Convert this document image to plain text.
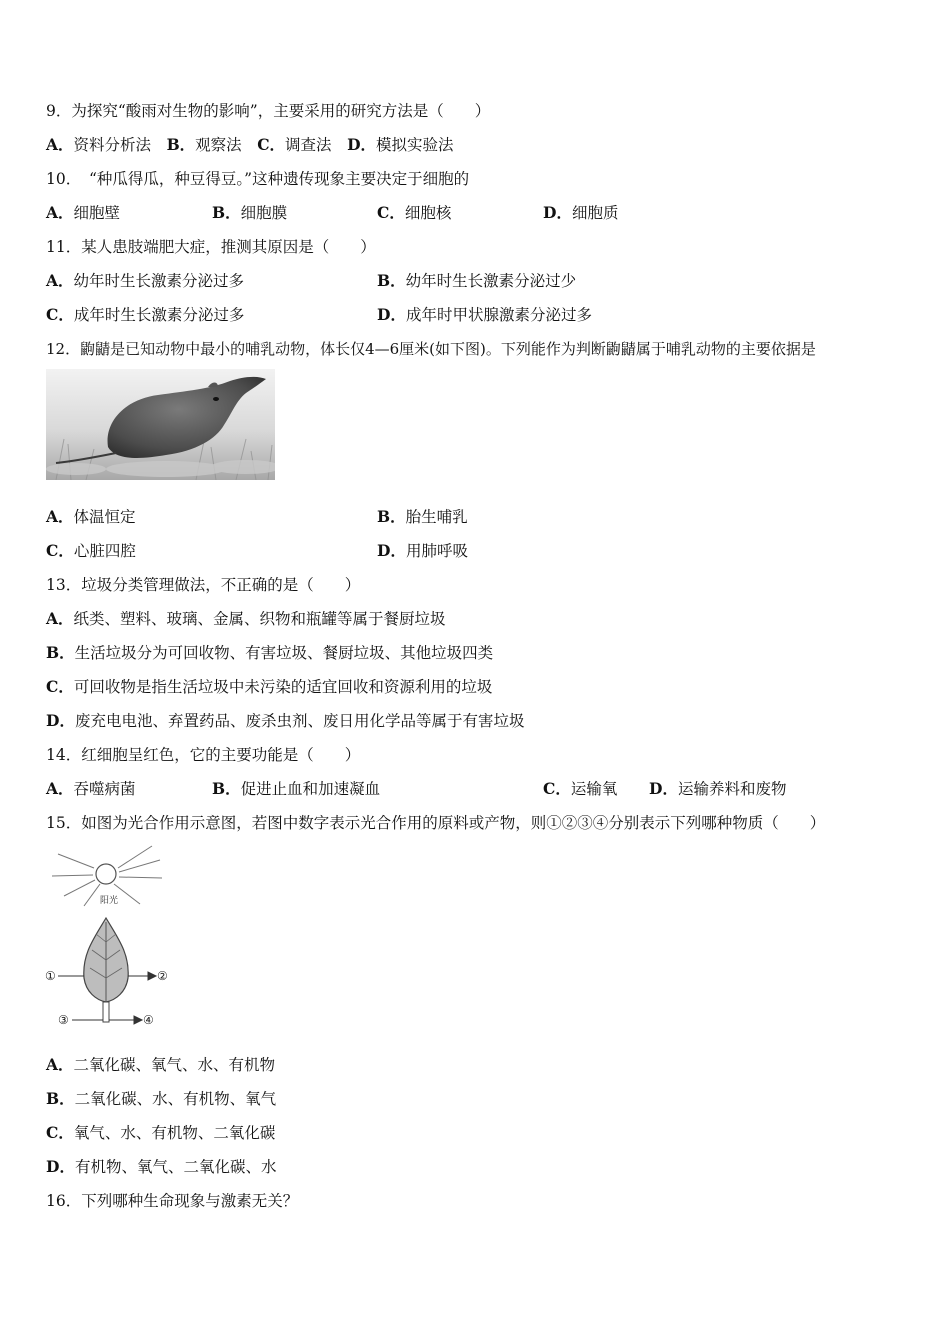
9．为探究“酸雨对生物的影响”，主要采用的研究方法是（　　）
A．资料分析法　 B．观察法　 C．调查法　 D．模拟实验法
10．　“种瓜得瓜，种豆得豆。”这种遗传现象主要决定于细胞的
A．细胞壁	B．细胞膜	C．细胞核	D．细胞质
11．某人患肢端肥大症，推测其原因是（　　）
A．幼年时生长激素分泌过多	B．幼年时生长激素分泌过少
C．成年时生长激素分泌过多	D．成年时甲状腺激素分泌过多
12．鼩鼱是已知动物中最小的哺乳动物，体长仅4—6厘米(如下图)。下列能作为判断鼩鼱属于哺乳动物的主要依据是
A．体温恒定	B．胎生哺乳
C．心脏四腔	D．用肺呼吸
13．垃圾分类管理做法，不正确的是（　　）
A．纸类、塑料、玻璃、金属、织物和瓶罐等属于餐厨垃圾
B．生活垃圾分为可回收物、有害垃圾、餐厨垃圾、其他垃圾四类
C．可回收物是指生活垃圾中未污染的适宜回收和资源利用的垃圾
D．废充电电池、弃置药品、废杀虫剂、废日用化学品等属于有害垃圾
14．红细胞呈红色，它的主要功能是（　　）
A．吞噬病菌	B．促进止血和加速凝血	C．运输氧 D．运输养料和废物
15．如图为光合作用示意图，若图中数字表示光合作用的原料或产物，则①②③④分别表示下列哪种物质（　　）
阳光
①	②
③	④
A．二氧化碳、氧气、水、有机物
B．二氧化碳、水、有机物、氧气
C．氧气、水、有机物、二氧化碳
D．有机物、氧气、二氧化碳、水
16．下列哪种生命现象与激素无关？
